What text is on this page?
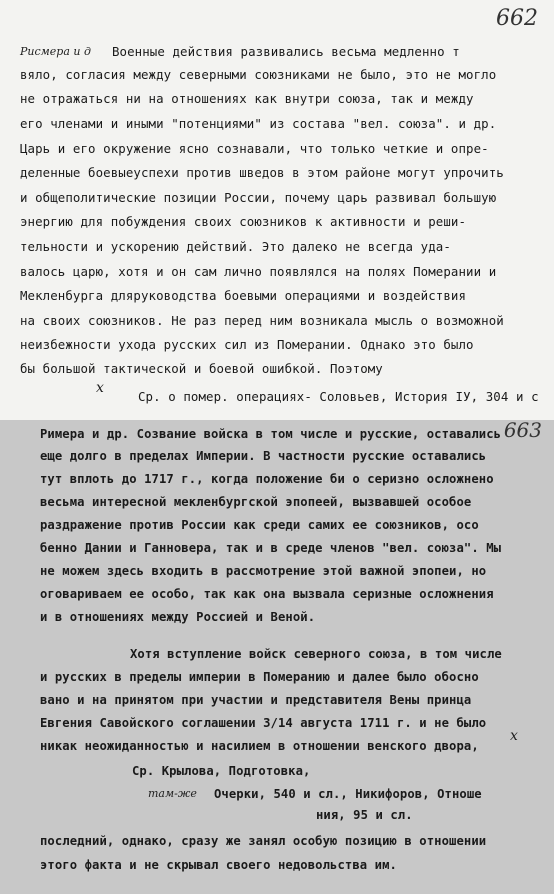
662
Рисмера и д Военные действия развивались весьма медленно т
вяло, согласия между северными союзниками не было, это не могло
не отражаться ни на отношениях как внутри союза, так и между
его членами и иными "потенциями" из состава "вел. союза". и др.
Царь и его окружение ясно сознавали, что только четкие и опре-
деленные боевыеуспехи против шведов в этом районе могут упрочить
и общеполитические позиции России, почему царь развивал большую
энергию для побуждения своих союзников к активности и реши-
тельности и ускорению действий. Это далеко не всегда уда-
валось царю, хотя и он сам лично появлялся на полях Померании и
Мекленбурга дляруководства боевыми операциями и воздействия
на своих союзников. Не раз перед ним возникала мысль о возможной
неизбежности ухода русских сил из Померании. Однако это было
бы большой тактической и боевой ошибкой. Поэтому
х
Ср. о помер. операциях- Соловьев, История IУ, 304 и с
Римера и др. Созвание войска в том числе и русские, оставались
еще долго в пределах Империи. В частности русские оставались
тут вплоть до 1717 г., когда положение би о серизно осложнено
весьма интересной мекленбургской эпопеей, вызвавшей особое
раздражение против России как среди самих ее союзников, осо
бенно Дании и Ганновера, так и в среде членов "вел. союза". Мы
не можем здесь входить в рассмотрение этой важной эпопеи, но
оговариваем ее особо, так как она вызвала серизные осложнения
и в отношениях между Россией и Веной.
Хотя вступление войск северного союза, в том числе
и русских в пределы империи в Померанию и далее было обосно
вано и на принятом при участии и представителя Вены принца
Евгения Савойского соглашении 3/14 августа 1711 г. и не было
никак неожиданностью и насилием в отношении венского двора,
х
Ср. Крылова, Подготовка,
там-же Очерки, 540 и сл., Никифоров, Отноше
ния, 95 и сл.
последний, однако, сразу же занял особую позицию в отношении
этого факта и не скрывал своего недовольства им.
663
